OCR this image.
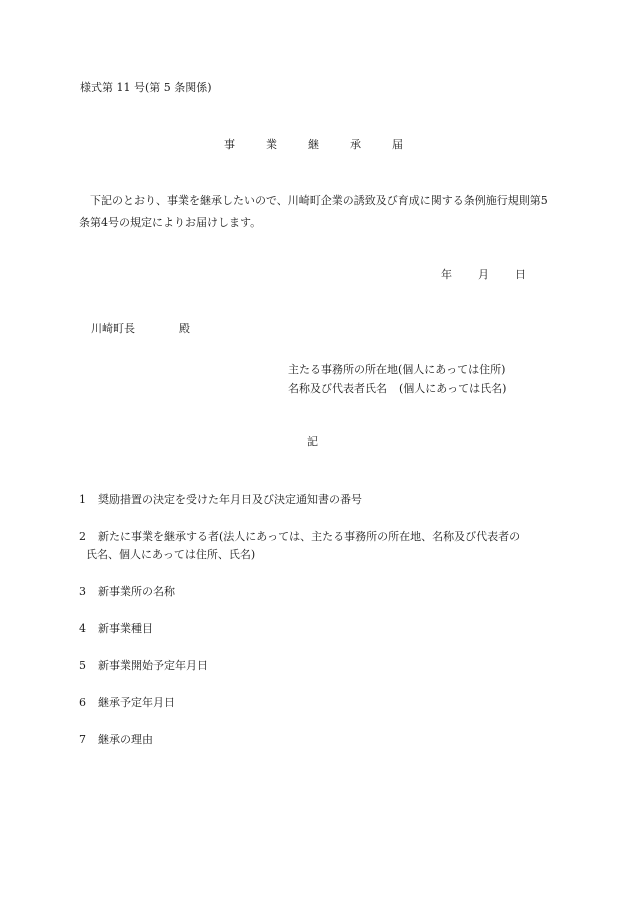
様式第 11 号(第 5 条関係)
事	業	継	承	届
下記のとおり、事業を継承したいので、川崎町企業の誘致及び育成に関する条例施行規則第5条第4号の規定によりお届けします。
年	月	日
川崎町長	殿
主たる事務所の所在地(個人にあっては住所)
名称及び代表者氏名 (個人にあっては氏名)
記
1 奨励措置の決定を受けた年月日及び決定通知書の番号
2 新たに事業を継承する者(法人にあっては、主たる事務所の所在地、名称及び代表者の
氏名、個人にあっては住所、氏名)
3 新事業所の名称
4 新事業種目
5 新事業開始予定年月日
6 継承予定年月日
7 継承の理由
